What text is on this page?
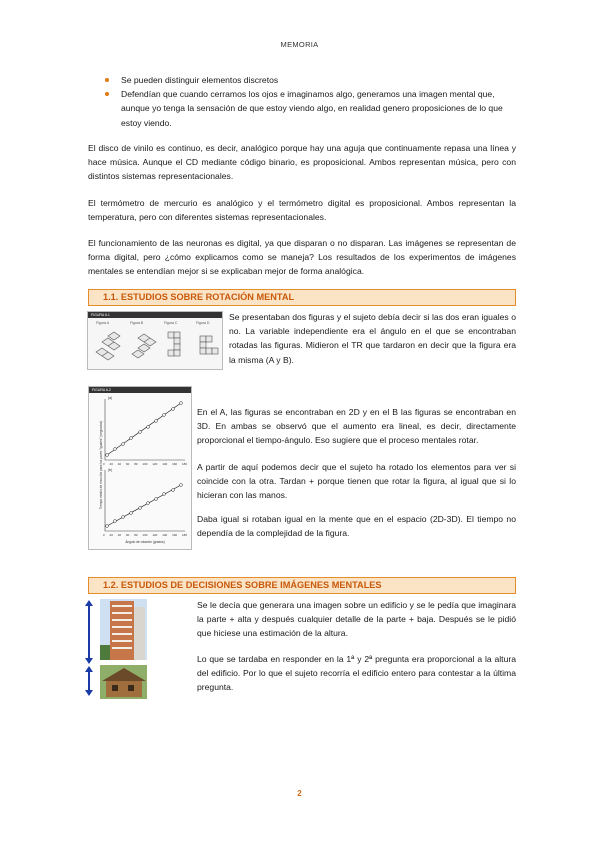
MEMORIA
Se pueden distinguir elementos discretos
Defendían que cuando cerramos los ojos e imaginamos algo, generamos una imagen mental que, aunque yo tenga la sensación de que estoy viendo algo, en realidad genero proposiciones de lo que estoy viendo.

El disco de vinilo es continuo, es decir, analógico porque hay una aguja que continuamente repasa una línea y hace música. Aunque el CD mediante código binario, es proposicional. Ambos representan música, pero con distintos sistemas representacionales.

El termómetro de mercurio es analógico y el termómetro digital es proposicional. Ambos representan la temperatura, pero con diferentes sistemas representacionales.

El funcionamiento de las neuronas es digital, ya que disparan o no disparan. Las imágenes se representan de forma digital, pero ¿cómo explicamos como se maneja? Los resultados de los experimentos de imágenes mentales se entendían mejor si se explicaban mejor de forma analógica.

1.1. ESTUDIOS SOBRE ROTACIÓN MENTAL
FIGURA 6.1
Figura A	Figura B	Figura C	Figura D

Se presentaban dos figuras y el sujeto debía decir si las dos eran iguales o no. La variable independiente era el ángulo en el que se encontraban rotadas las figuras. Midieron el TR que tardaron en decir que la figura era la misma (A y B).

FIGURA 6.2
(a)
(b)
Tiempo medio de reacción para los pares "iguales" (segundos) 0 20 40 60 80 100 120 140 160 180
0 20 40 60 80 100 120 140 160 180
Ángulo de rotación (grados)

En el A, las figuras se encontraban en 2D y en el B las figuras se encontraban en 3D. En ambas se observó que el aumento era lineal, es decir, directamente proporcional el tiempo-ángulo. Eso sugiere que el proceso mentales rotar.

A partir de aquí podemos decir que el sujeto ha rotado los elementos para ver si coincide con la otra. Tardan + porque tienen que rotar la figura, al igual que si lo hicieran con las manos.

Daba igual si rotaban igual en la mente que en el espacio (2D-3D). El tiempo no dependía de la complejidad de la figura.

1.2. ESTUDIOS DE DECISIONES SOBRE IMÁGENES MENTALES

Se le decía que generara una imagen sobre un edificio y se le pedía que imaginara la parte + alta y después cualquier detalle de la parte + baja. Después se le pidió que hiciese una estimación de la altura.

Lo que se tardaba en responder en la 1ª y 2ª pregunta era proporcional a la altura del edificio. Por lo que el sujeto recorría el edificio entero para contestar a la última pregunta.

2
